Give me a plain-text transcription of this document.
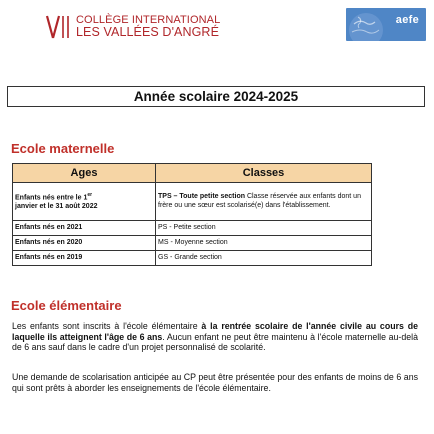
COLLÈGE INTERNATIONAL
LES VALLÉES D'ANGRÉ
aefe
Année scolaire 2024-2025
Ecole maternelle
Ages	Classes
Enfants nés entre le 1er
janvier et le 31 août 2022	TPS – Toute petite section Classe réservée aux enfants dont un frère ou une sœur est scolarisé(e) dans l'établissement.
Enfants nés en 2021	PS - Petite section
Enfants nés en 2020	MS - Moyenne section
Enfants nés en 2019	GS - Grande section
Ecole élémentaire

Les enfants sont inscrits à l'école élémentaire à la rentrée scolaire de l'année civile au cours de laquelle ils atteignent l'âge de 6 ans. Aucun enfant ne peut être maintenu à l'école maternelle au-delà de 6 ans sauf dans le cadre d'un projet personnalisé de scolarité.

Une demande de scolarisation anticipée au CP peut être présentée pour des enfants de moins de 6 ans qui sont prêts à aborder les enseignements de l'école élémentaire.
